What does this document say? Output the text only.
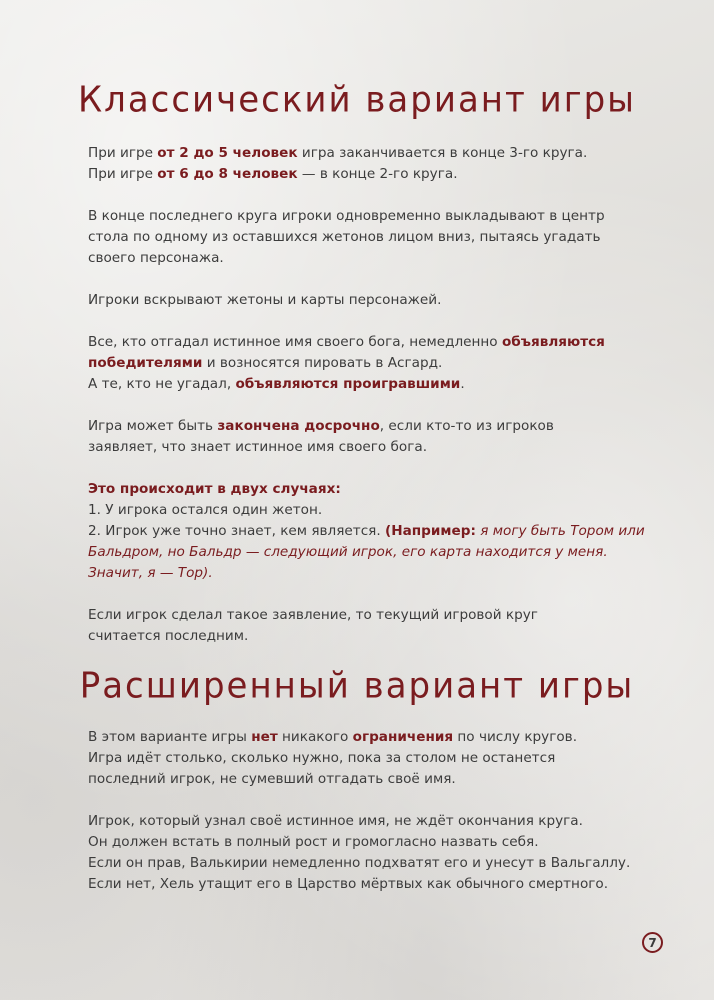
Классический вариант игры

При игре от 2 до 5 человек игра заканчивается в конце 3-го круга.
При игре от 6 до 8 человек — в конце 2-го круга.

В конце последнего круга игроки одновременно выкладывают в центр стола по одному из оставшихся жетонов лицом вниз, пытаясь угадать своего персонажа.

Игроки вскрывают жетоны и карты персонажей.

Все, кто отгадал истинное имя своего бога, немедленно объявляются победителями и возносятся пировать в Асгард.
А те, кто не угадал, объявляются проигравшими.

Игра может быть закончена досрочно, если кто-то из игроков заявляет, что знает истинное имя своего бога.

Это происходит в двух случаях:
1. У игрока остался один жетон.
2. Игрок уже точно знает, кем является. (Например: я могу быть Тором или Бальдром, но Бальдр — следующий игрок, его карта находится у меня. Значит, я — Тор).

Если игрок сделал такое заявление, то текущий игровой круг считается последним.

Расширенный вариант игры

В этом варианте игры нет никакого ограничения по числу кругов.
Игра идёт столько, сколько нужно, пока за столом не останется последний игрок, не сумевший отгадать своё имя.

Игрок, который узнал своё истинное имя, не ждёт окончания круга.
Он должен встать в полный рост и громогласно назвать себя.
Если он прав, Валькирии немедленно подхватят его и унесут в Вальгаллу.
Если нет, Хель утащит его в Царство мёртвых как обычного смертного.

7
